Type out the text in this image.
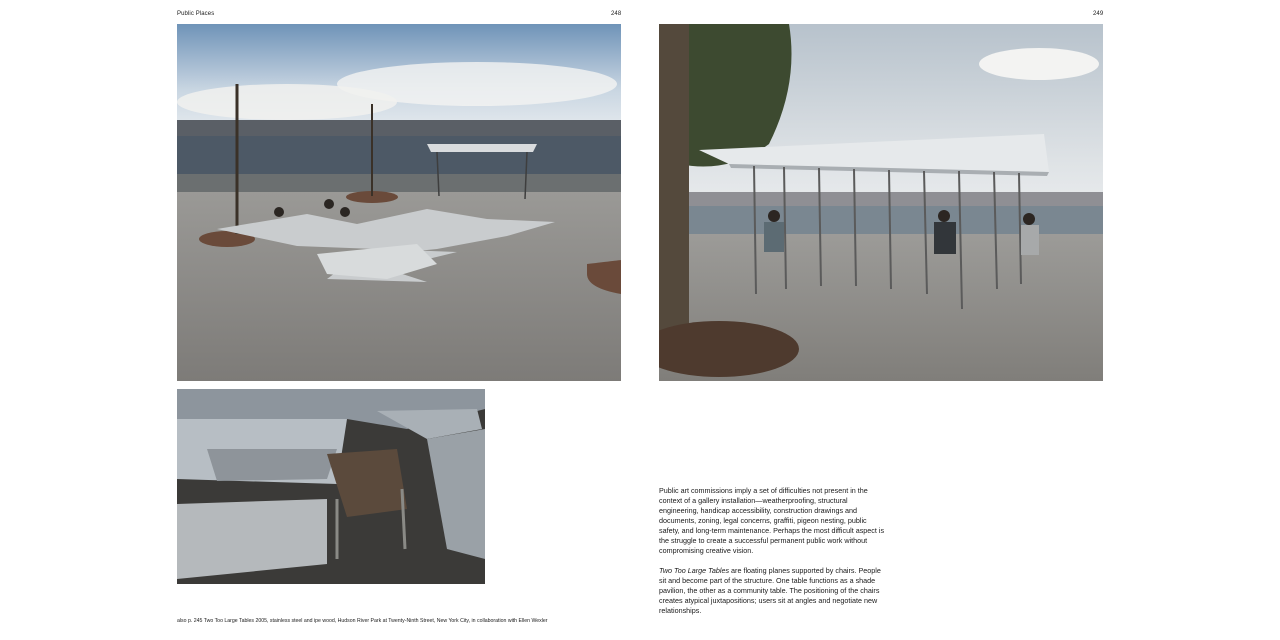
Public Places	248
also p. 245 Two Too Large Tables 2005, stainless steel and ipe wood, Hudson River Park at Twenty-Ninth Street, New York City, in collaboration with Ellen Wexler
249

Public art commissions imply a set of difficulties not present in the context of a gallery installation—weatherproofing, structural engineering, handicap accessibility, construction drawings and documents, zoning, legal concerns, graffiti, pigeon nesting, public safety, and long-term maintenance. Perhaps the most difficult aspect is the struggle to create a successful permanent public work without compromising creative vision.

Two Too Large Tables are floating planes supported by chairs. People sit and become part of the structure. One table functions as a shade pavilion, the other as a community table. The positioning of the chairs creates atypical juxtapositions; users sit at angles and negotiate new relationships.
